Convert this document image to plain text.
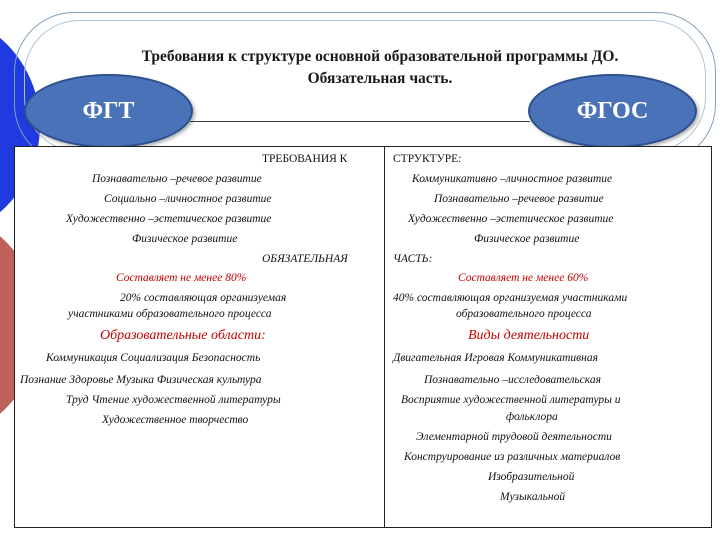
Требования к структуре основной образовательной программы ДО.
Обязательная часть.
ФГТ	ФГОС
ТРЕБОВАНИЯ К
Познавательно –речевое развитие
Социально –личностное развитие
Художественно –эстетическое развитие
Физическое развитие
ОБЯЗАТЕЛЬНАЯ
Составляет не менее 80%
20% составляющая организуемая
участниками образовательного процесса
Образовательные области:
Коммуникация Социализация Безопасность
Познание Здоровье Музыка Физическая культура
Труд Чтение художественной литературы
Художественное творчество
СТРУКТУРЕ:
Коммуникативно –личностное развитие
Познавательно –речевое развитие
Художественно –эстетическое развитие
Физическое развитие
ЧАСТЬ:
Составляет не менее 60%
40% составляющая организуемая участниками
образовательного процесса
Виды деятельности
Двигательная Игровая Коммуникативная
Познавательно –исследовательская
Восприятие художественной литературы и
фольклора
Элементарной трудовой деятельности
Конструирование из различных материалов
Изобразительной
Музыкальной
